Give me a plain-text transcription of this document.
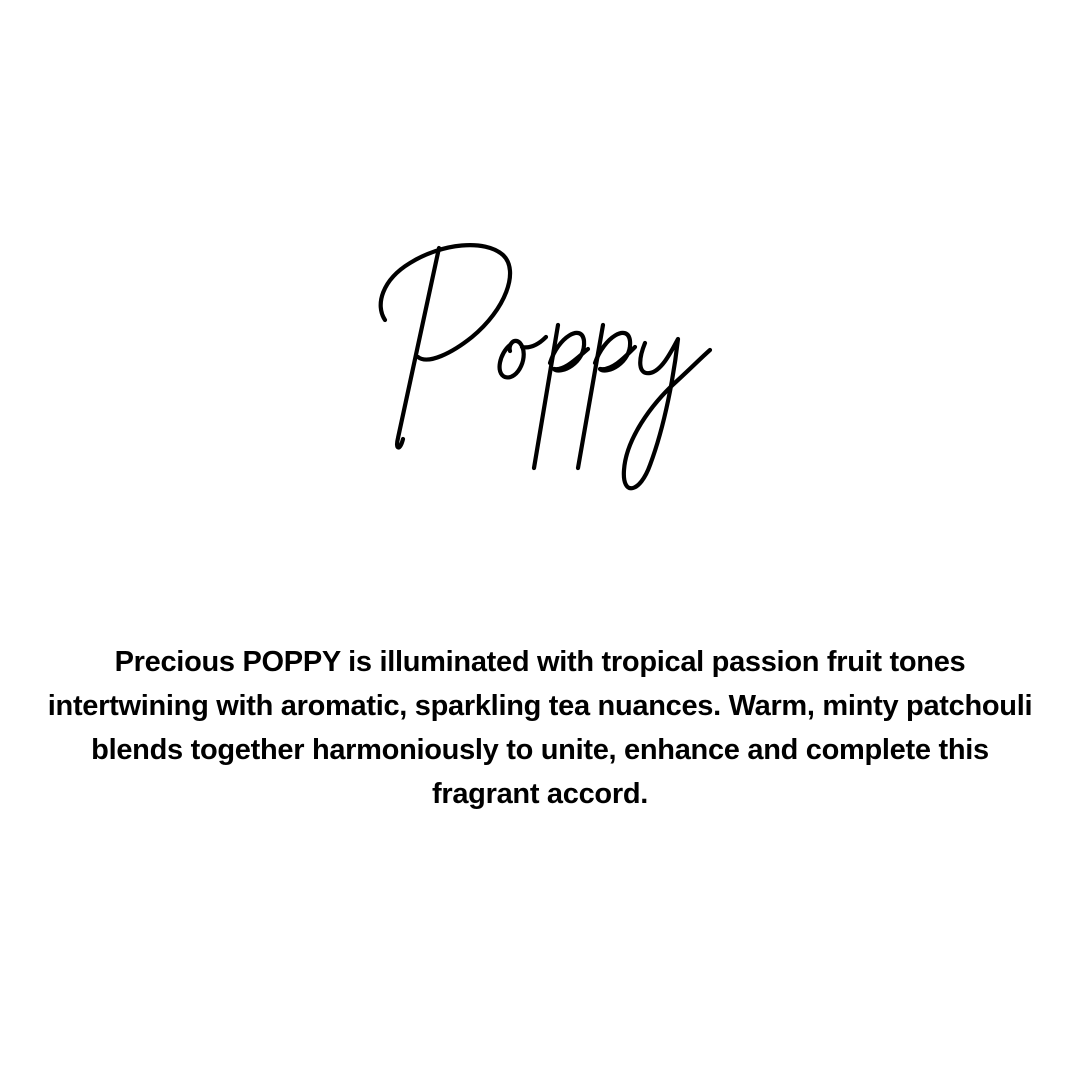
Precious POPPY is illuminated with tropical passion fruit tones intertwining with aromatic, sparkling tea nuances. Warm, minty patchouli blends together harmoniously to unite, enhance and complete this fragrant accord.
